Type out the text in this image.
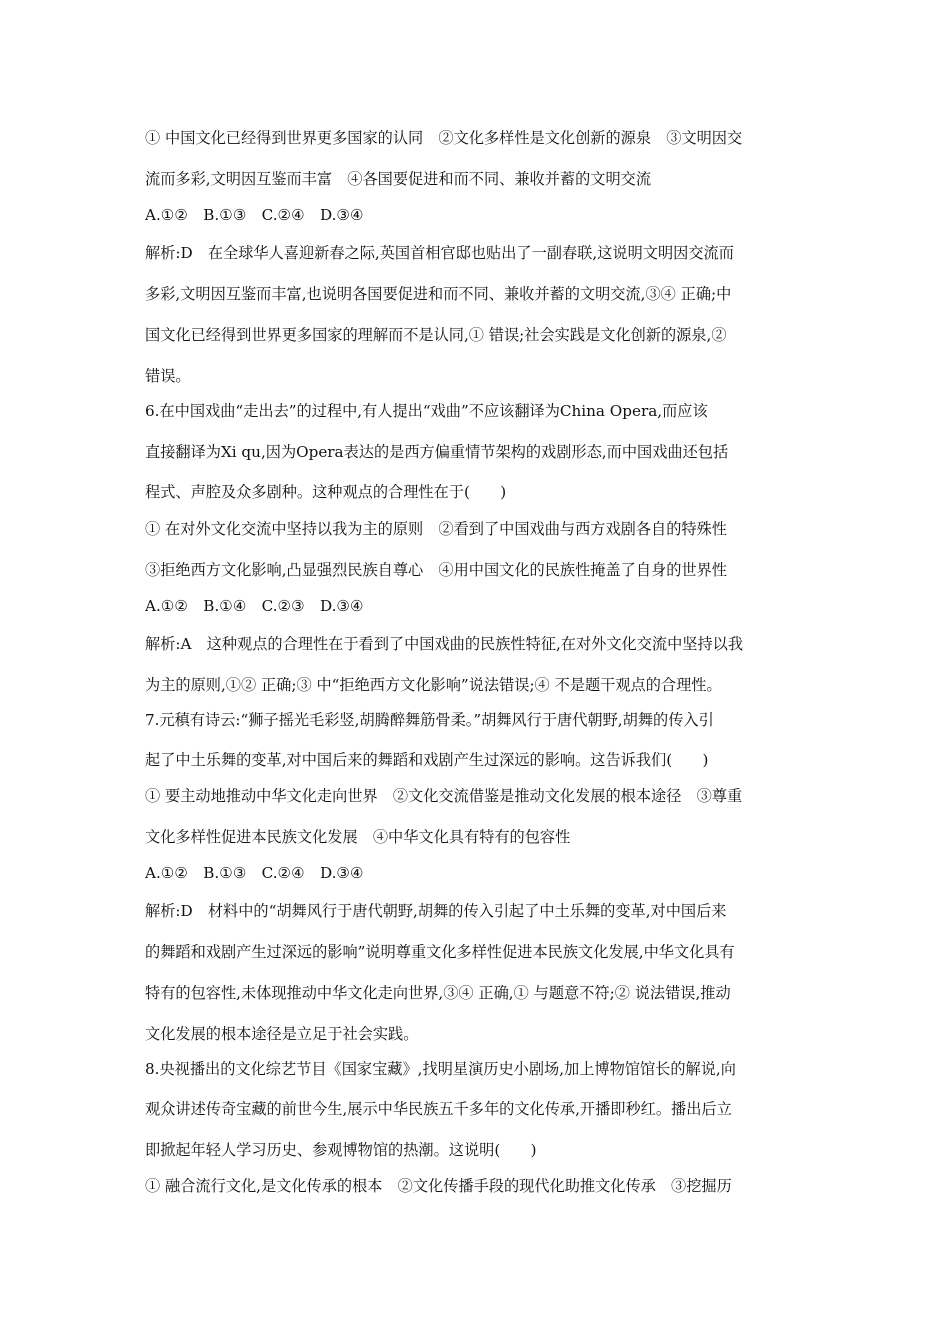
① 中国文化已经得到世界更多国家的认同　②文化多样性是文化创新的源泉　③文明因交
流而多彩,文明因互鉴而丰富　④各国要促进和而不同、兼收并蓄的文明交流
A.①②　B.①③　C.②④　D.③④
解析:D　在全球华人喜迎新春之际,英国首相官邸也贴出了一副春联,这说明文明因交流而
多彩,文明因互鉴而丰富,也说明各国要促进和而不同、兼收并蓄的文明交流,③④ 正确;中
国文化已经得到世界更多国家的理解而不是认同,① 错误;社会实践是文化创新的源泉,②
错误。
6.在中国戏曲“走出去”的过程中,有人提出“戏曲”不应该翻译为China Opera,而应该
直接翻译为Xi qu,因为Opera表达的是西方偏重情节架构的戏剧形态,而中国戏曲还包括
程式、声腔及众多剧种。这种观点的合理性在于(　　)
① 在对外文化交流中坚持以我为主的原则　②看到了中国戏曲与西方戏剧各自的特殊性
③拒绝西方文化影响,凸显强烈民族自尊心　④用中国文化的民族性掩盖了自身的世界性
A.①②　B.①④　C.②③　D.③④
解析:A　这种观点的合理性在于看到了中国戏曲的民族性特征,在对外文化交流中坚持以我
为主的原则,①② 正确;③ 中“拒绝西方文化影响”说法错误;④ 不是题干观点的合理性。
7.元稹有诗云:“狮子摇光毛彩竖,胡腾醉舞筋骨柔。”胡舞风行于唐代朝野,胡舞的传入引
起了中土乐舞的变革,对中国后来的舞蹈和戏剧产生过深远的影响。这告诉我们(　　)
① 要主动地推动中华文化走向世界　②文化交流借鉴是推动文化发展的根本途径　③尊重
文化多样性促进本民族文化发展　④中华文化具有特有的包容性
A.①②　B.①③　C.②④　D.③④
解析:D　材料中的“胡舞风行于唐代朝野,胡舞的传入引起了中土乐舞的变革,对中国后来
的舞蹈和戏剧产生过深远的影响”说明尊重文化多样性促进本民族文化发展,中华文化具有
特有的包容性,未体现推动中华文化走向世界,③④ 正确,① 与题意不符;② 说法错误,推动
文化发展的根本途径是立足于社会实践。
8.央视播出的文化综艺节目《国家宝藏》,找明星演历史小剧场,加上博物馆馆长的解说,向
观众讲述传奇宝藏的前世今生,展示中华民族五千多年的文化传承,开播即秒红。播出后立
即掀起年轻人学习历史、参观博物馆的热潮。这说明(　　)
① 融合流行文化,是文化传承的根本　②文化传播手段的现代化助推文化传承　③挖掘历
